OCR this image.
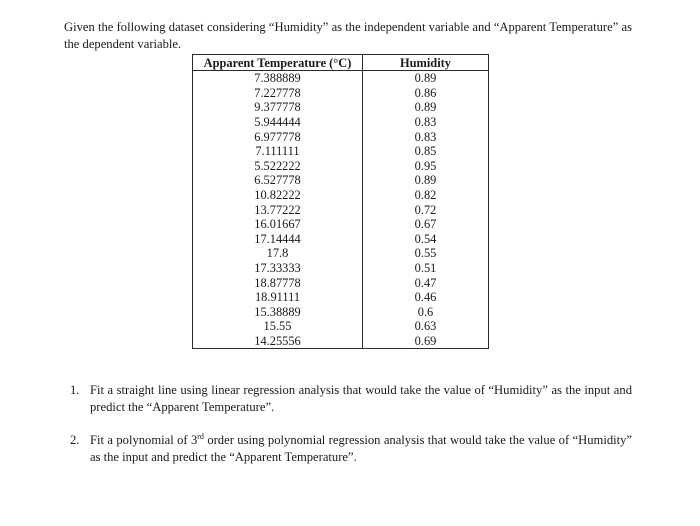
Given the following dataset considering “Humidity” as the independent variable and “Apparent Temperature” as the dependent variable.

Apparent Temperature (°C)	Humidity
7.388889	0.89
7.227778	0.86
9.377778	0.89
5.944444	0.83
6.977778	0.83
7.111111	0.85
5.522222	0.95
6.527778	0.89
10.82222	0.82
13.77222	0.72
16.01667	0.67
17.14444	0.54
17.8	0.55
17.33333	0.51
18.87778	0.47
18.91111	0.46
15.38889	0.6
15.55	0.63
14.25556	0.69
1. Fit a straight line using linear regression analysis that would take the value of “Humidity” as the input and predict the “Apparent Temperature”.
2. Fit a polynomial of 3rd order using polynomial regression analysis that would take the value of “Humidity” as the input and predict the “Apparent Temperature”.
